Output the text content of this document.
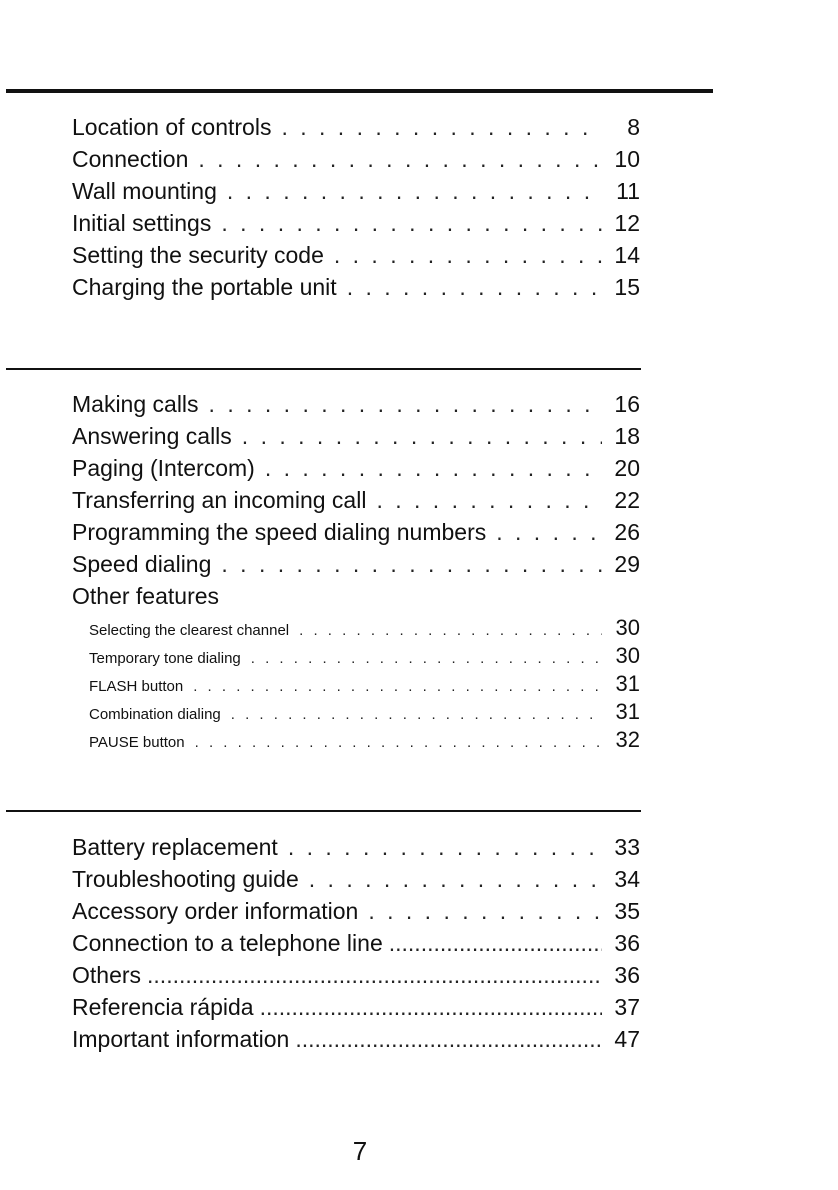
Location of controls . . .	8
Connection . . .	10
Wall mounting . . .	11
Initial settings . . .	12
Setting the security code . . .	14
Charging the portable unit . . .	15
Making calls . . .	16
Answering calls . . .	18
Paging (Intercom) . . .	20
Transferring an incoming call . . .	22
Programming the speed dialing numbers . . .	26
Speed dialing . . .	29
Other features
Selecting the clearest channel . . .	30
Temporary tone dialing . . .	30
FLASH button . . .	31
Combination dialing . . .	31
PAUSE button . . .	32
Battery replacement . . .	33
Troubleshooting guide . . .	34
Accessory order information . . .	35
Connection to a telephone line .....	36
Others .....	36
Referencia rápida .....	37
Important information .....	47
7
